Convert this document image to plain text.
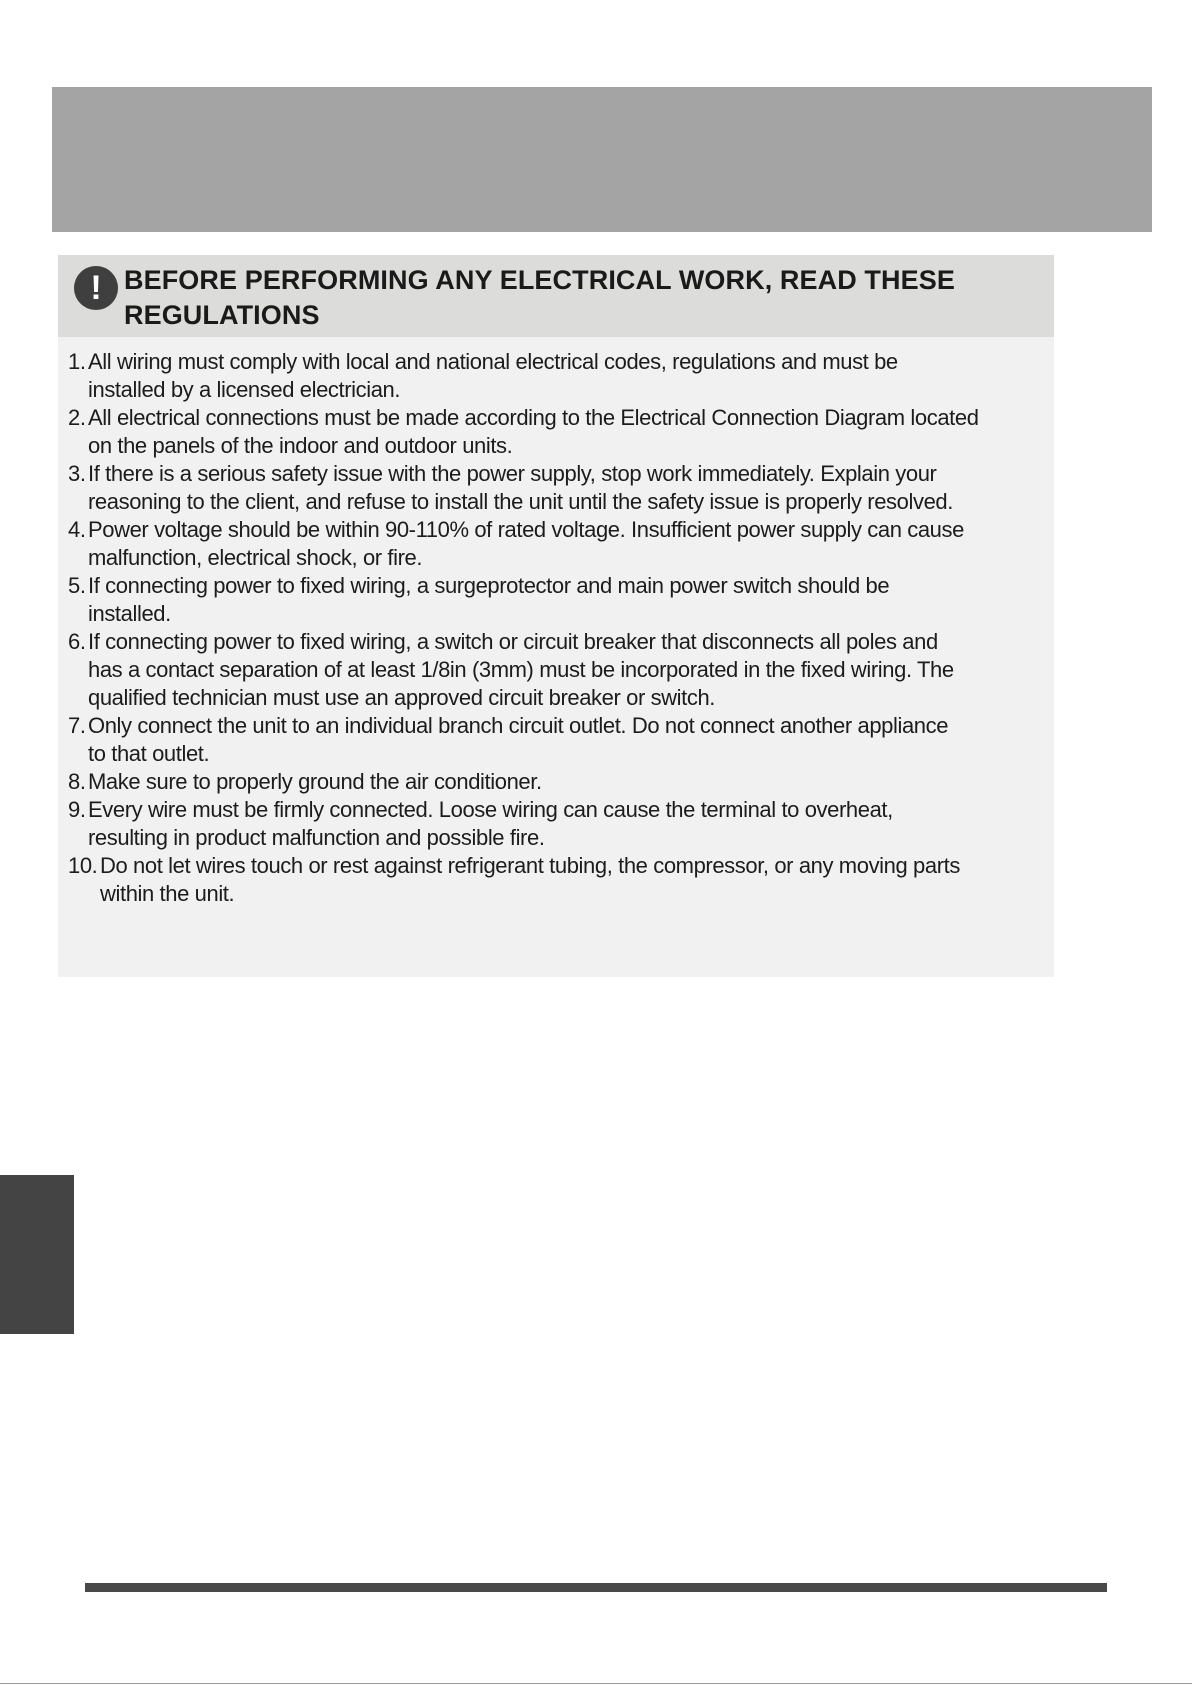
! BEFORE PERFORMING ANY ELECTRICAL WORK, READ THESE
REGULATIONS
1. All wiring must comply with local and national electrical codes, regulations and must be
installed by a licensed electrician.
2. All electrical connections must be made according to the Electrical Connection Diagram located
on the panels of the indoor and outdoor units.
3. If there is a serious safety issue with the power supply, stop work immediately. Explain your
reasoning to the client, and refuse to install the unit until the safety issue is properly resolved.
4. Power voltage should be within 90-110% of rated voltage. Insufficient power supply can cause
malfunction, electrical shock, or fire.
5. If connecting power to fixed wiring, a surgeprotector and main power switch should be
installed.
6. If connecting power to fixed wiring, a switch or circuit breaker that disconnects all poles and
has a contact separation of at least 1/8in (3mm) must be incorporated in the fixed wiring. The
qualified technician must use an approved circuit breaker or switch.
7. Only connect the unit to an individual branch circuit outlet. Do not connect another appliance
to that outlet.
8. Make sure to properly ground the air conditioner.
9. Every wire must be firmly connected. Loose wiring can cause the terminal to overheat,
resulting in product malfunction and possible fire.
10. Do not let wires touch or rest against refrigerant tubing, the compressor, or any moving parts
within the unit.
